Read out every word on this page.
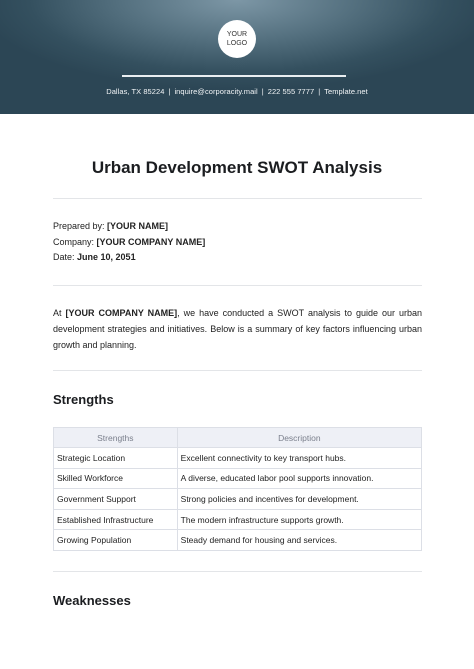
YOUR
LOGO
Dallas, TX 85224 | inquire@corporacity.mail | 222 555 7777 | Template.net
Urban Development SWOT Analysis
Prepared by: [YOUR NAME]
Company: [YOUR COMPANY NAME]
Date: June 10, 2051
At [YOUR COMPANY NAME], we have conducted a SWOT analysis to guide our urban development strategies and initiatives. Below is a summary of key factors influencing urban growth and planning.
Strengths
Strengths	Description
Strategic Location	Excellent connectivity to key transport hubs.
Skilled Workforce	A diverse, educated labor pool supports innovation.
Government Support	Strong policies and incentives for development.
Established Infrastructure	The modern infrastructure supports growth.
Growing Population	Steady demand for housing and services.
Weaknesses
